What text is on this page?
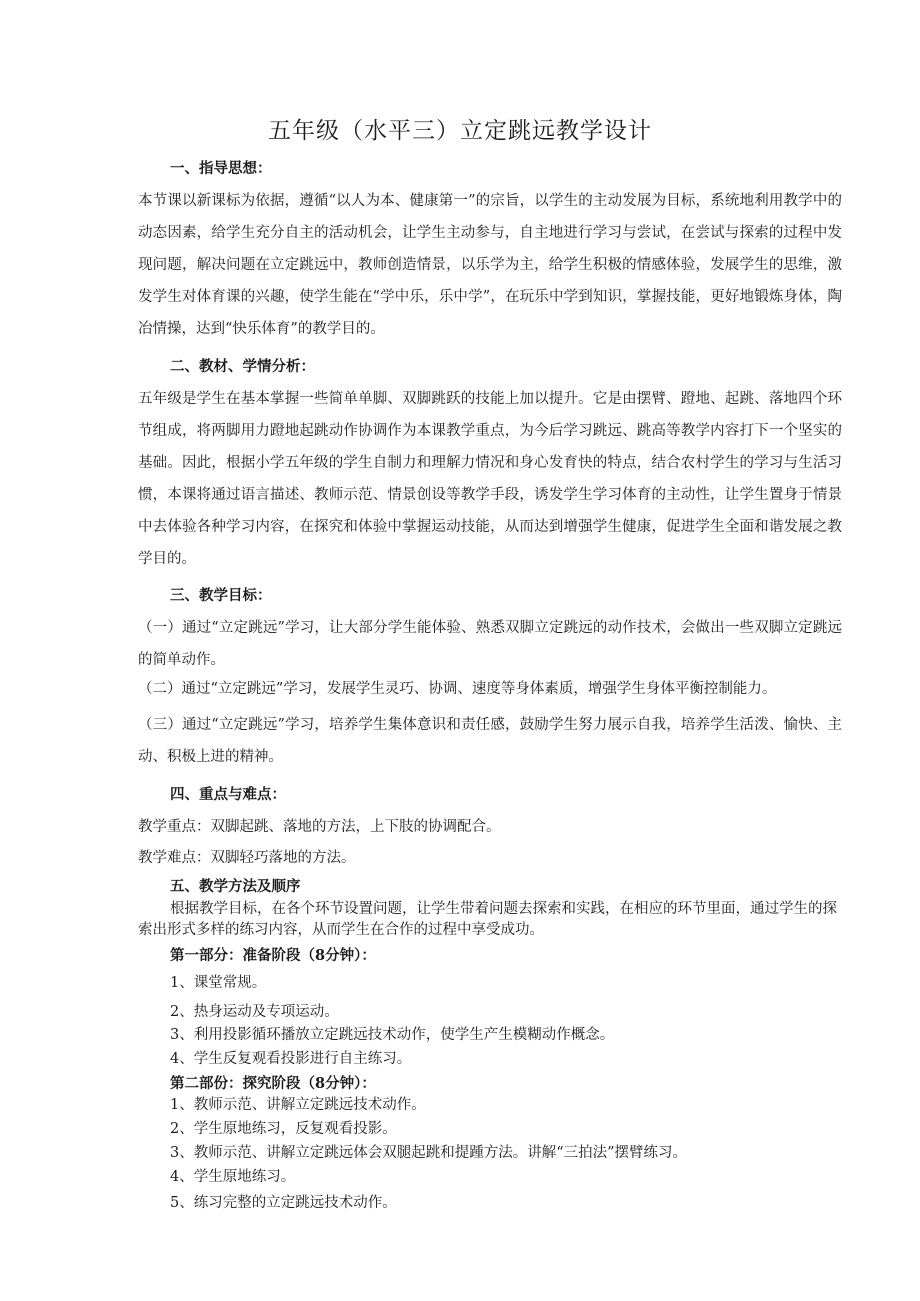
五年级（水平三）立定跳远教学设计
一、指导思想：
本节课以新课标为依据，遵循“以人为本、健康第一”的宗旨，以学生的主动发展为目标，系统地利用教学中的动态因素，给学生充分自主的活动机会，让学生主动参与，自主地进行学习与尝试，在尝试与探索的过程中发现问题，解决问题在立定跳远中，教师创造情景，以乐学为主，给学生积极的情感体验，发展学生的思维，激发学生对体育课的兴趣，使学生能在“学中乐，乐中学”，在玩乐中学到知识，掌握技能，更好地锻炼身体，陶冶情操，达到“快乐体育”的教学目的。
二、教材、学情分析：
五年级是学生在基本掌握一些简单单脚、双脚跳跃的技能上加以提升。它是由摆臂、蹬地、起跳、落地四个环节组成，将两脚用力蹬地起跳动作协调作为本课教学重点，为今后学习跳远、跳高等教学内容打下一个坚实的基础。因此，根据小学五年级的学生自制力和理解力情况和身心发育快的特点，结合农村学生的学习与生活习惯，本课将通过语言描述、教师示范、情景创设等教学手段，诱发学生学习体育的主动性，让学生置身于情景中去体验各种学习内容，在探究和体验中掌握运动技能，从而达到增强学生健康，促进学生全面和谐发展之教学目的。
三、教学目标：
（一）通过“立定跳远”学习，让大部分学生能体验、熟悉双脚立定跳远的动作技术，会做出一些双脚立定跳远的简单动作。
（二）通过“立定跳远”学习，发展学生灵巧、协调、速度等身体素质，增强学生身体平衡控制能力。
（三）通过“立定跳远”学习，培养学生集体意识和责任感，鼓励学生努力展示自我，培养学生活泼、愉快、主动、积极上进的精神。
四、重点与难点：
教学重点：双脚起跳、落地的方法，上下肢的协调配合。
教学难点：双脚轻巧落地的方法。
五、教学方法及顺序
根据教学目标，在各个环节设置问题，让学生带着问题去探索和实践，在相应的环节里面，通过学生的探索出形式多样的练习内容，从而学生在合作的过程中享受成功。
第一部分：准备阶段（8分钟）：
1、课堂常规。
2、热身运动及专项运动。
3、利用投影循环播放立定跳远技术动作，使学生产生模糊动作概念。
4、学生反复观看投影进行自主练习。
第二部份：探究阶段（8分钟）：
1、教师示范、讲解立定跳远技术动作。
2、学生原地练习，反复观看投影。
3、教师示范、讲解立定跳远体会双腿起跳和提踵方法。讲解“三拍法”摆臂练习。
4、学生原地练习。
5、练习完整的立定跳远技术动作。
